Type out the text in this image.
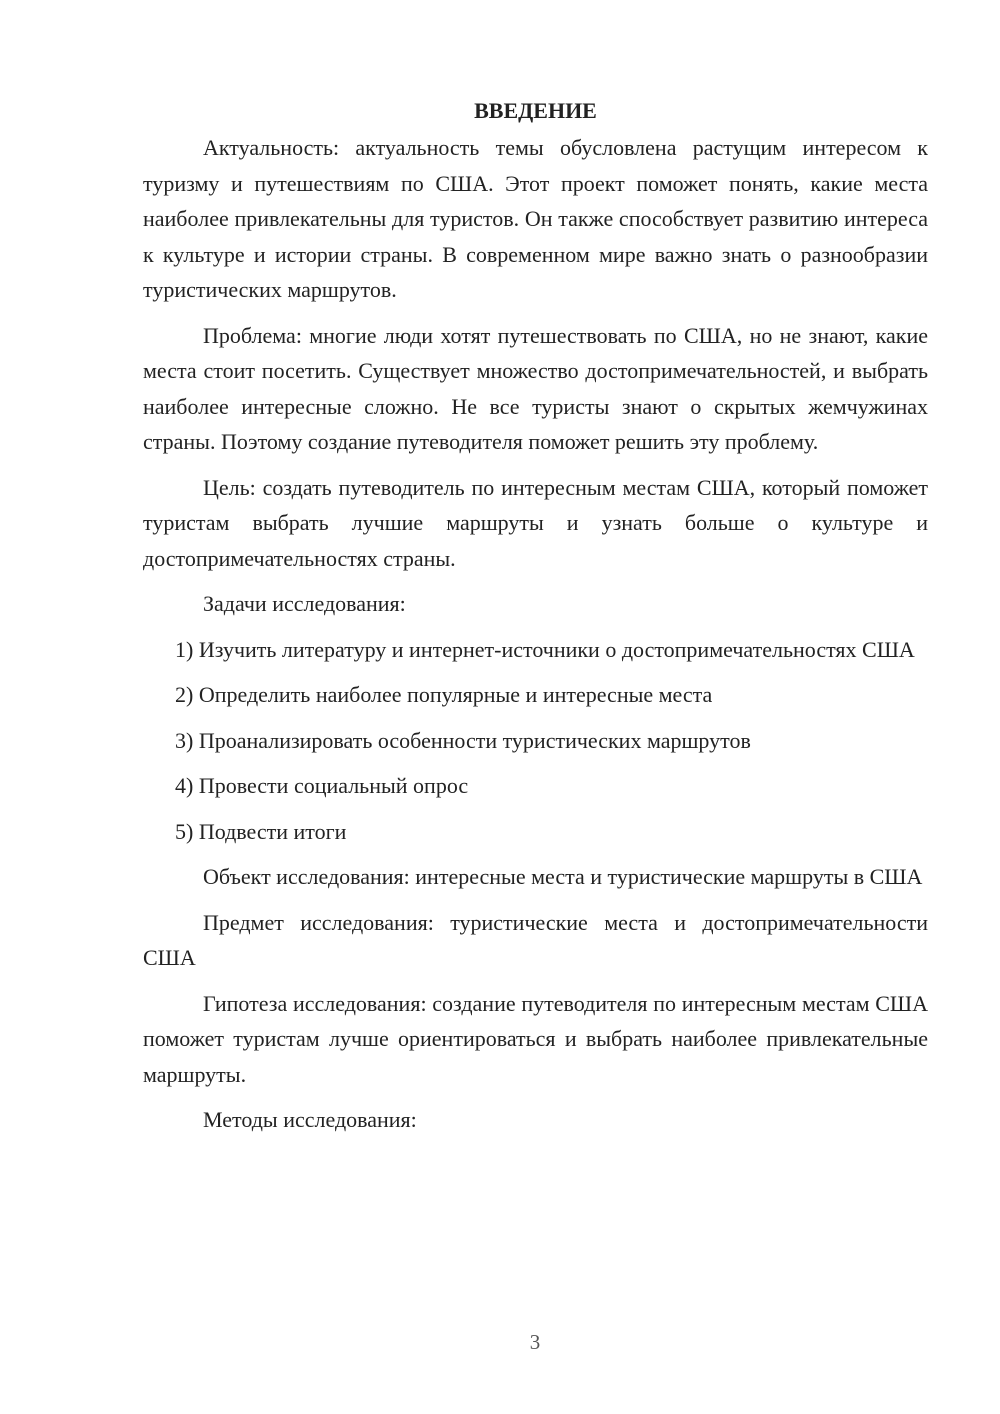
ВВЕДЕНИЕ

Актуальность: актуальность темы обусловлена растущим интересом к туризму и путешествиям по США. Этот проект поможет понять, какие места наиболее привлекательны для туристов. Он также способствует развитию интереса к культуре и истории страны. В современном мире важно знать о разнообразии туристических маршрутов.

Проблема: многие люди хотят путешествовать по США, но не знают, какие места стоит посетить. Существует множество достопримечательностей, и выбрать наиболее интересные сложно. Не все туристы знают о скрытых жемчужинах страны. Поэтому создание путеводителя поможет решить эту проблему.

Цель: создать путеводитель по интересным местам США, который поможет туристам выбрать лучшие маршруты и узнать больше о культуре и достопримечательностях страны.

Задачи исследования:

1) Изучить литературу и интернет-источники о достопримечательностях США

2) Определить наиболее популярные и интересные места

3) Проанализировать особенности туристических маршрутов

4) Провести социальный опрос

5) Подвести итоги

Объект исследования: интересные места и туристические маршруты в США

Предмет исследования: туристические места и достопримечательности США

Гипотеза исследования: создание путеводителя по интересным местам США поможет туристам лучше ориентироваться и выбрать наиболее привлекательные маршруты.

Методы исследования:

3
